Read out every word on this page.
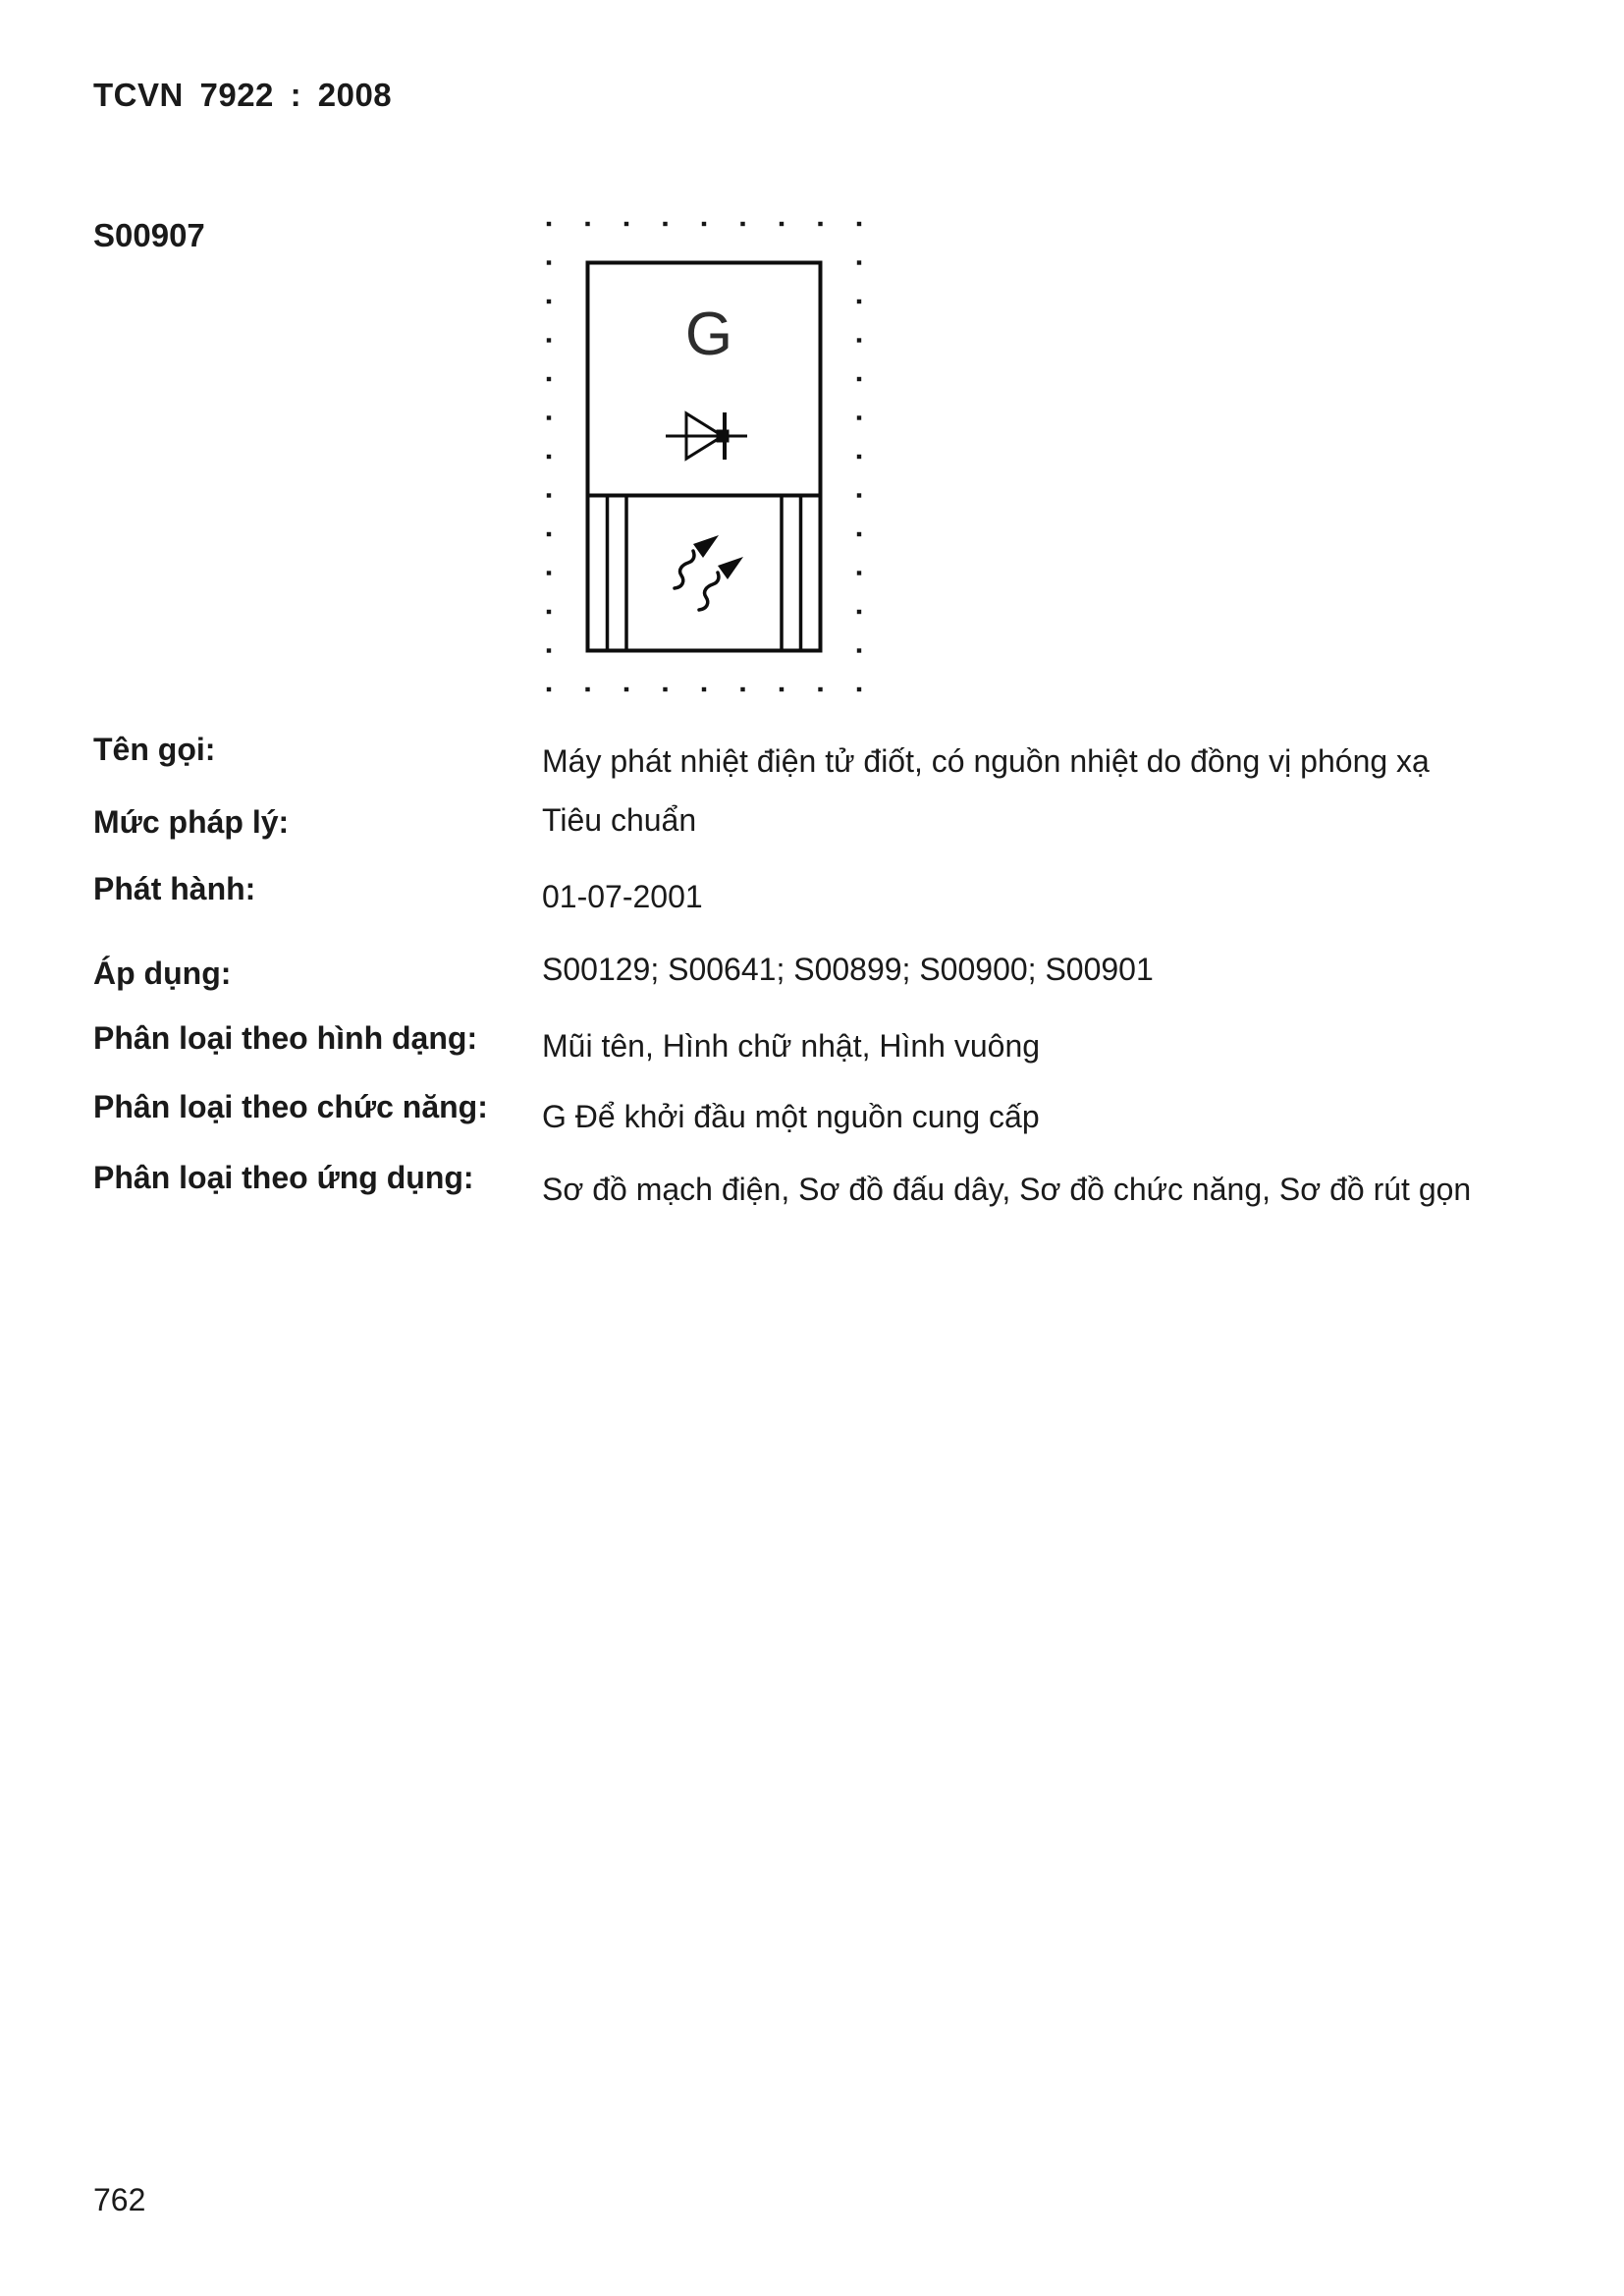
TCVN 7922 : 2008
S00907
G
Tên gọi:	Máy phát nhiệt điện tử điốt, có nguồn nhiệt do đồng vị phóng xạ
Mức pháp lý:	Tiêu chuẩn
Phát hành:	01-07-2001
Áp dụng:	S00129; S00641; S00899; S00900; S00901
Phân loại theo hình dạng: Mũi tên, Hình chữ nhật, Hình vuông
Phân loại theo chức năng: G Để khởi đầu một nguồn cung cấp
Phân loại theo ứng dụng: Sơ đồ mạch điện, Sơ đồ đấu dây, Sơ đồ chức năng, Sơ đồ rút gọn
762
